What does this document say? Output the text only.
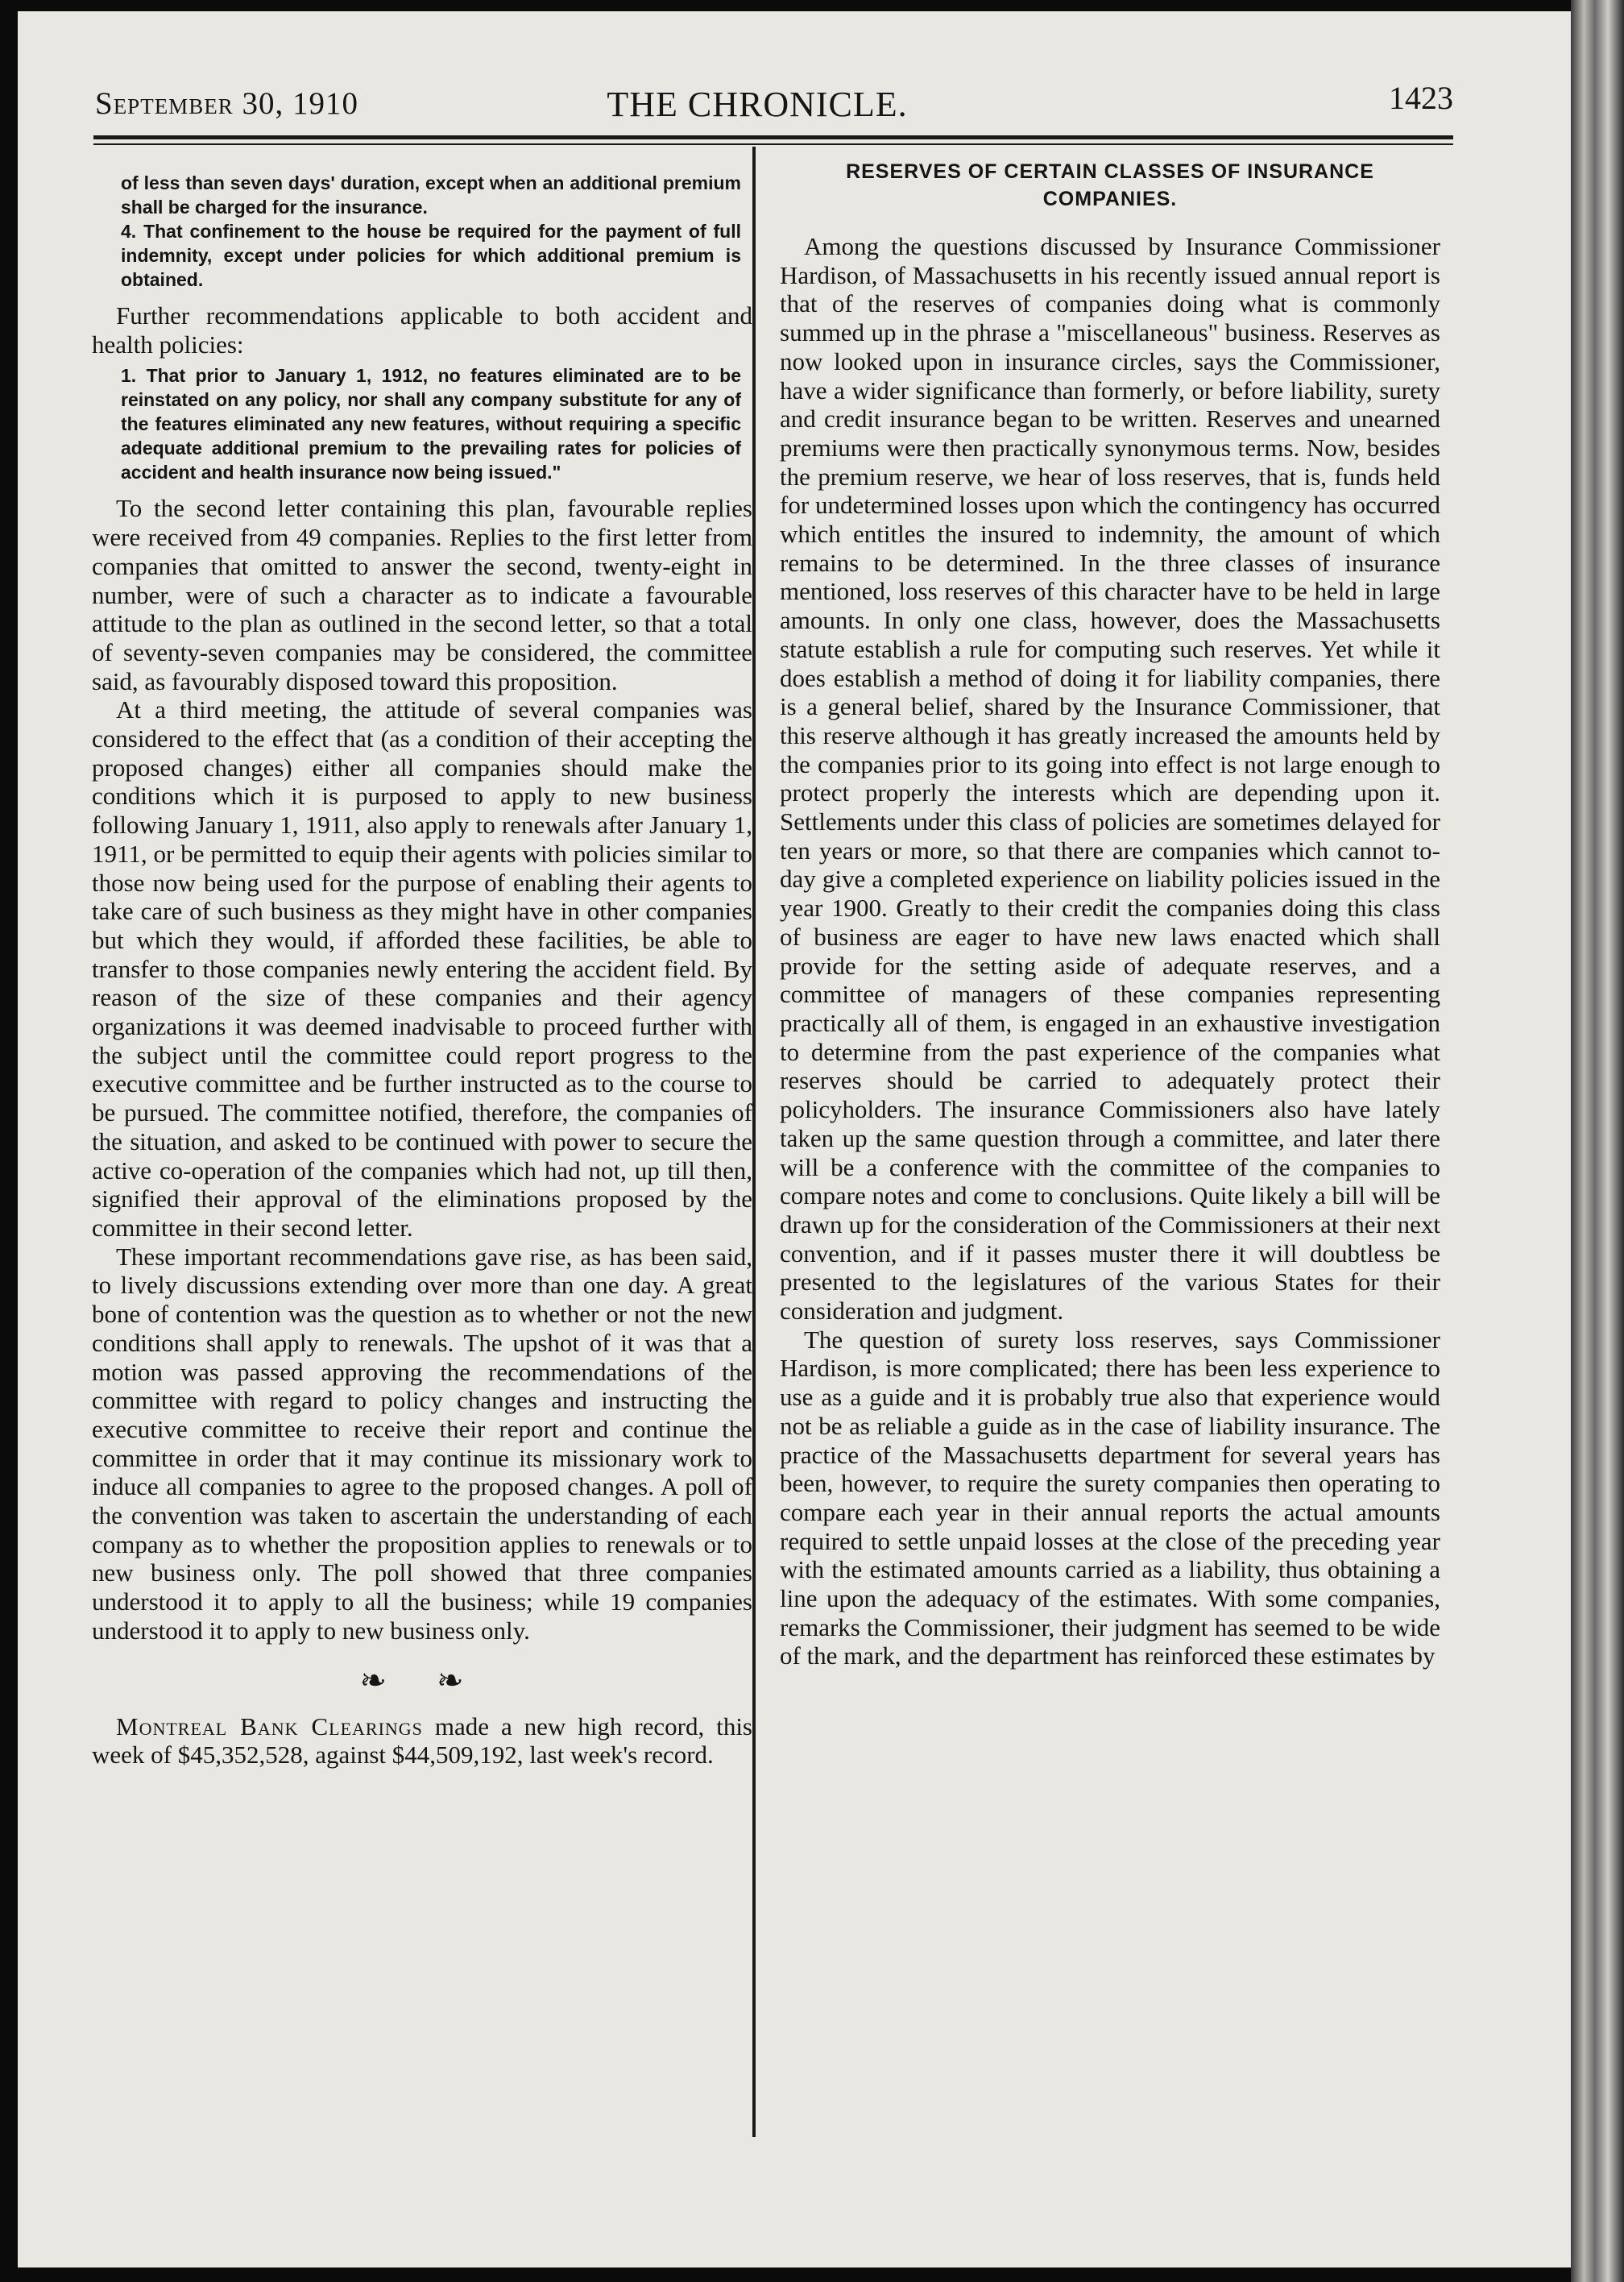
September 30, 1910	THE CHRONICLE.	1423

of less than seven days' duration, except when an additional premium shall be charged for the insurance.

4. That confinement to the house be required for the payment of full indemnity, except under policies for which additional premium is obtained.

Further recommendations applicable to both accident and health policies:

1. That prior to January 1, 1912, no features eliminated are to be reinstated on any policy, nor shall any company substitute for any of the features eliminated any new features, without requiring a specific adequate additional premium to the prevailing rates for policies of accident and health insurance now being issued."

To the second letter containing this plan, favourable replies were received from 49 companies. Replies to the first letter from companies that omitted to answer the second, twenty-eight in number, were of such a character as to indicate a favourable attitude to the plan as outlined in the second letter, so that a total of seventy-seven companies may be considered, the committee said, as favourably disposed toward this proposition.

At a third meeting, the attitude of several companies was considered to the effect that (as a condition of their accepting the proposed changes) either all companies should make the conditions which it is purposed to apply to new business following January 1, 1911, also apply to renewals after January 1, 1911, or be permitted to equip their agents with policies similar to those now being used for the purpose of enabling their agents to take care of such business as they might have in other companies but which they would, if afforded these facilities, be able to transfer to those companies newly entering the accident field. By reason of the size of these companies and their agency organizations it was deemed inadvisable to proceed further with the subject until the committee could report progress to the executive committee and be further instructed as to the course to be pursued. The committee notified, therefore, the companies of the situation, and asked to be continued with power to secure the active co-operation of the companies which had not, up till then, signified their approval of the eliminations proposed by the committee in their second letter.

These important recommendations gave rise, as has been said, to lively discussions extending over more than one day. A great bone of contention was the question as to whether or not the new conditions shall apply to renewals. The upshot of it was that a motion was passed approving the recommendations of the committee with regard to policy changes and instructing the executive committee to receive their report and continue the committee in order that it may continue its missionary work to induce all companies to agree to the proposed changes. A poll of the convention was taken to ascertain the understanding of each company as to whether the proposition applies to renewals or to new business only. The poll showed that three companies understood it to apply to all the business; while 19 companies understood it to apply to new business only.

❧ ❧

Montreal Bank Clearings made a new high record, this week of $45,352,528, against $44,509,192, last week's record.

RESERVES OF CERTAIN CLASSES OF INSURANCE COMPANIES.

Among the questions discussed by Insurance Commissioner Hardison, of Massachusetts in his recently issued annual report is that of the reserves of companies doing what is commonly summed up in the phrase a "miscellaneous" business. Reserves as now looked upon in insurance circles, says the Commissioner, have a wider significance than formerly, or before liability, surety and credit insurance began to be written. Reserves and unearned premiums were then practically synonymous terms. Now, besides the premium reserve, we hear of loss reserves, that is, funds held for undetermined losses upon which the contingency has occurred which entitles the insured to indemnity, the amount of which remains to be determined. In the three classes of insurance mentioned, loss reserves of this character have to be held in large amounts. In only one class, however, does the Massachusetts statute establish a rule for computing such reserves. Yet while it does establish a method of doing it for liability companies, there is a general belief, shared by the Insurance Commissioner, that this reserve although it has greatly increased the amounts held by the companies prior to its going into effect is not large enough to protect properly the interests which are depending upon it. Settlements under this class of policies are sometimes delayed for ten years or more, so that there are companies which cannot to-day give a completed experience on liability policies issued in the year 1900. Greatly to their credit the companies doing this class of business are eager to have new laws enacted which shall provide for the setting aside of adequate reserves, and a committee of managers of these companies representing practically all of them, is engaged in an exhaustive investigation to determine from the past experience of the companies what reserves should be carried to adequately protect their policyholders. The insurance Commissioners also have lately taken up the same question through a committee, and later there will be a conference with the committee of the companies to compare notes and come to conclusions. Quite likely a bill will be drawn up for the consideration of the Commissioners at their next convention, and if it passes muster there it will doubtless be presented to the legislatures of the various States for their consideration and judgment.

The question of surety loss reserves, says Commissioner Hardison, is more complicated; there has been less experience to use as a guide and it is probably true also that experience would not be as reliable a guide as in the case of liability insurance. The practice of the Massachusetts department for several years has been, however, to require the surety companies then operating to compare each year in their annual reports the actual amounts required to settle unpaid losses at the close of the preceding year with the estimated amounts carried as a liability, thus obtaining a line upon the adequacy of the estimates. With some companies, remarks the Commissioner, their judgment has seemed to be wide of the mark, and the department has reinforced these estimates by
